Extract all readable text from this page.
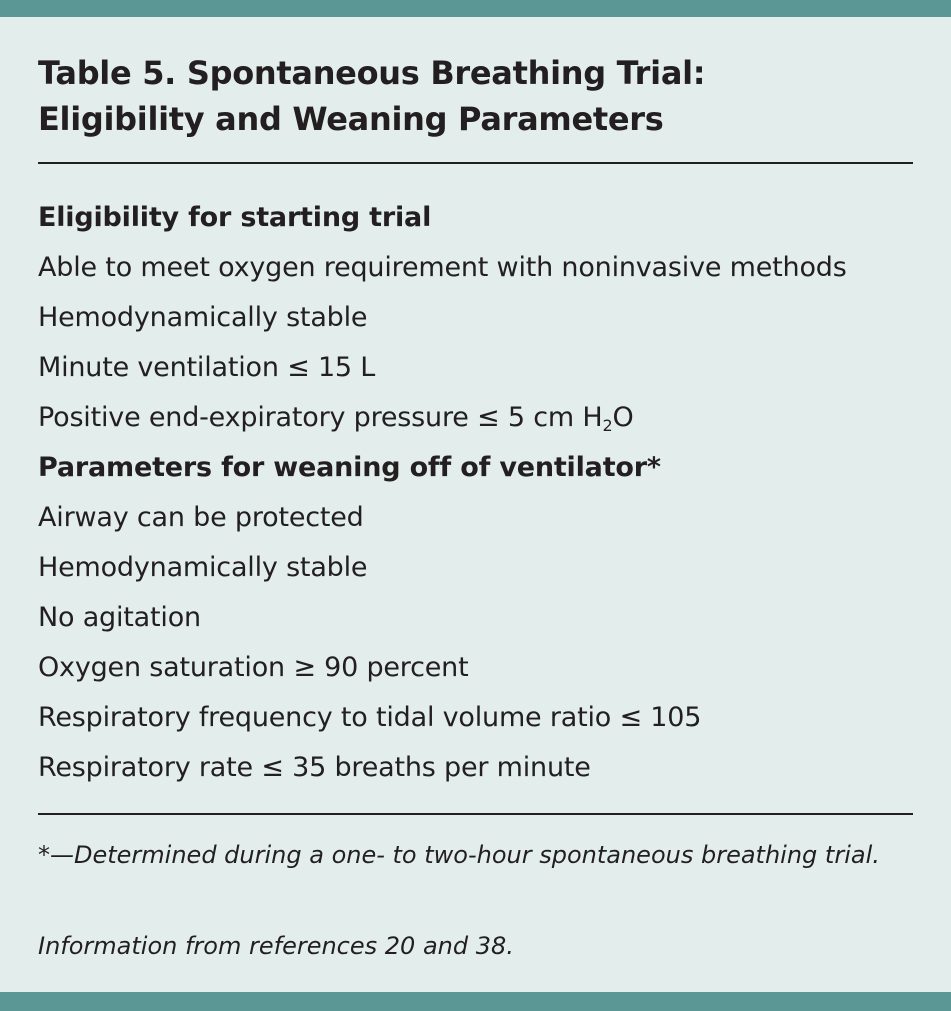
Table 5. Spontaneous Breathing Trial:
Eligibility and Weaning Parameters
Eligibility for starting trial
Able to meet oxygen requirement with noninvasive methods
Hemodynamically stable
Minute ventilation ≤ 15 L
Positive end-expiratory pressure ≤ 5 cm $H_2O$
Parameters for weaning off of ventilator*
Airway can be protected
Hemodynamically stable
No agitation
Oxygen saturation ≥ 90 percent
Respiratory frequency to tidal volume ratio ≤ 105
Respiratory rate ≤ 35 breaths per minute

*—Determined during a one- to two-hour spontaneous breathing trial.

Information from references 20 and 38.
